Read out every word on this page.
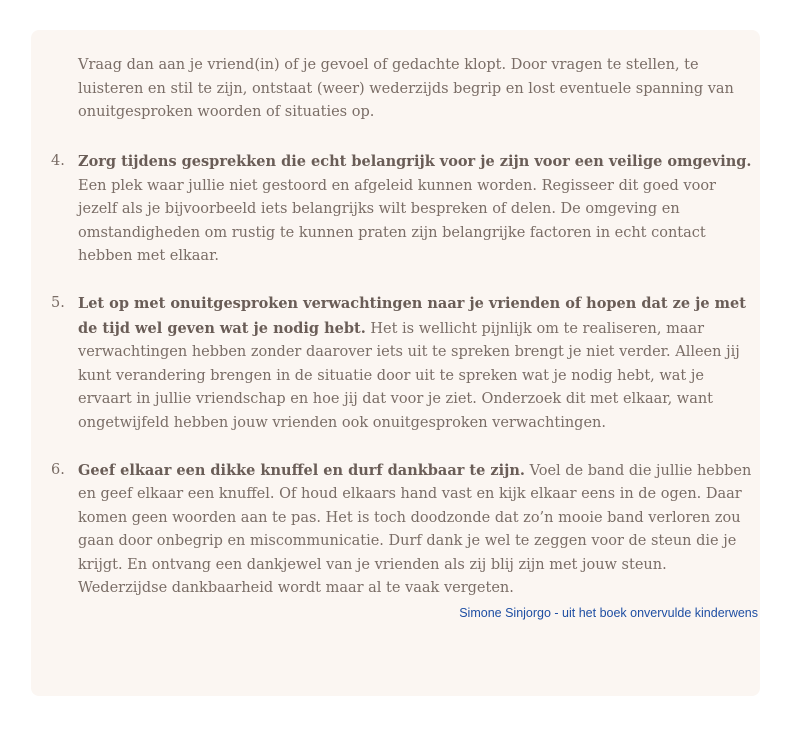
Vraag dan aan je vriend(in) of je gevoel of gedachte klopt. Door vragen te stellen, te luisteren en stil te zijn, ontstaat (weer) wederzijds begrip en lost eventuele spanning van onuitgesproken woorden of situaties op.

4. Zorg tijdens gesprekken die echt belangrijk voor je zijn voor een veilige omgeving. Een plek waar jullie niet gestoord en afgeleid kunnen worden. Regisseer dit goed voor jezelf als je bijvoorbeeld iets belangrijks wilt bespreken of delen. De omgeving en omstandigheden om rustig te kunnen praten zijn belangrijke factoren in echt contact hebben met elkaar.
5. Let op met onuitgesproken verwachtingen naar je vrienden of hopen dat ze je met de tijd wel geven wat je nodig hebt. Het is wellicht pijnlijk om te realiseren, maar verwachtingen hebben zonder daarover iets uit te spreken brengt je niet verder. Alleen jij kunt verandering brengen in de situatie door uit te spreken wat je nodig hebt, wat je ervaart in jullie vriendschap en hoe jij dat voor je ziet. Onderzoek dit met elkaar, want ongetwijfeld hebben jouw vrienden ook onuitgesproken verwachtingen.
6. Geef elkaar een dikke knuffel en durf dankbaar te zijn. Voel de band die jullie hebben en geef elkaar een knuffel. Of houd elkaars hand vast en kijk elkaar eens in de ogen. Daar komen geen woorden aan te pas. Het is toch doodzonde dat zo’n mooie band verloren zou gaan door onbegrip en miscommunicatie. Durf dank je wel te zeggen voor de steun die je krijgt. En ontvang een dankjewel van je vrienden als zij blij zijn met jouw steun. Wederzijdse dankbaarheid wordt maar al te vaak vergeten.
Simone Sinjorgo - uit het boek onvervulde kinderwens
